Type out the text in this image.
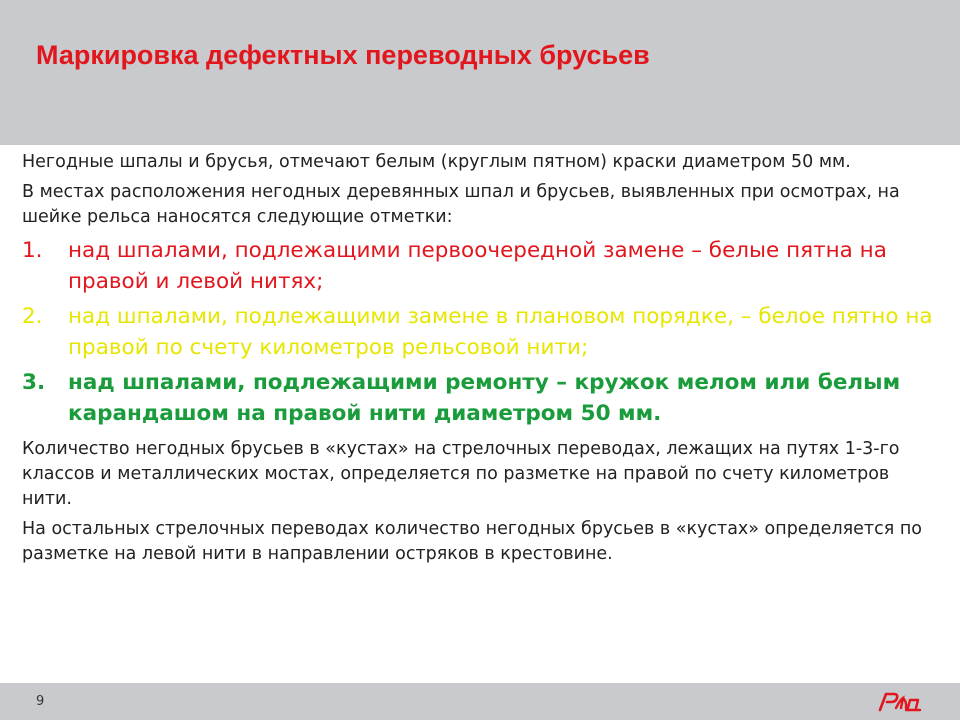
Маркировка дефектных переводных брусьев

Негодные шпалы и брусья, отмечают белым (круглым пятном) краски диаметром 50 мм.

В местах расположения негодных деревянных шпал и брусьев, выявленных при осмотрах, на шейке рельса наносятся следующие отметки:

1. над шпалами, подлежащими первоочередной замене – белые пятна на правой и левой нитях;
2. над шпалами, подлежащими замене в плановом порядке, – белое пятно на правой по счету километров рельсовой нити;
3. над шпалами, подлежащими ремонту – кружок мелом или белым карандашом на правой нити диаметром 50 мм.

Количество негодных брусьев в «кустах» на стрелочных переводах, лежащих на путях 1-3-го классов и металлических мостах, определяется по разметке на правой по счету километров нити.

На остальных стрелочных переводах количество негодных брусьев в «кустах» определяется по разметке на левой нити в направлении остряков в крестовине.

9
